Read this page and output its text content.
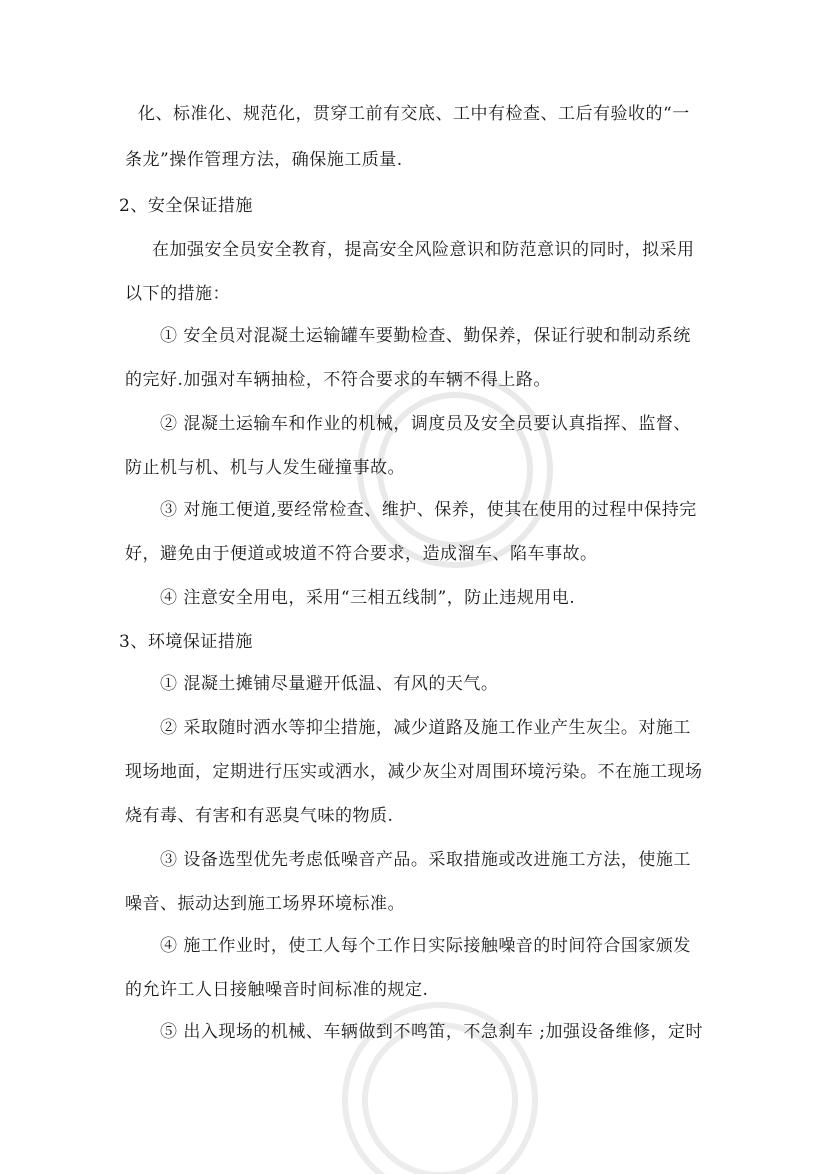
化、标准化、规范化，贯穿工前有交底、工中有检查、工后有验收的“一
条龙”操作管理方法，确保施工质量.
2、安全保证措施
在加强安全员安全教育，提高安全风险意识和防范意识的同时，拟采用
以下的措施：
① 安全员对混凝土运输罐车要勤检查、勤保养，保证行驶和制动系统
的完好.加强对车辆抽检，不符合要求的车辆不得上路。
② 混凝土运输车和作业的机械，调度员及安全员要认真指挥、监督、
防止机与机、机与人发生碰撞事故。
③ 对施工便道,要经常检查、维护、保养，使其在使用的过程中保持完
好，避免由于便道或坡道不符合要求，造成溜车、陷车事故。
④ 注意安全用电，采用“三相五线制”，防止违规用电.
3、环境保证措施
① 混凝土摊铺尽量避开低温、有风的天气。
② 采取随时洒水等抑尘措施，减少道路及施工作业产生灰尘。对施工
现场地面，定期进行压实或洒水，减少灰尘对周围环境污染。不在施工现场
烧有毒、有害和有恶臭气味的物质.
③ 设备选型优先考虑低噪音产品。采取措施或改进施工方法，使施工
噪音、振动达到施工场界环境标准。
④ 施工作业时，使工人每个工作日实际接触噪音的时间符合国家颁发
的允许工人日接触噪音时间标准的规定.
⑤ 出入现场的机械、车辆做到不鸣笛，不急刹车 ;加强设备维修，定时
